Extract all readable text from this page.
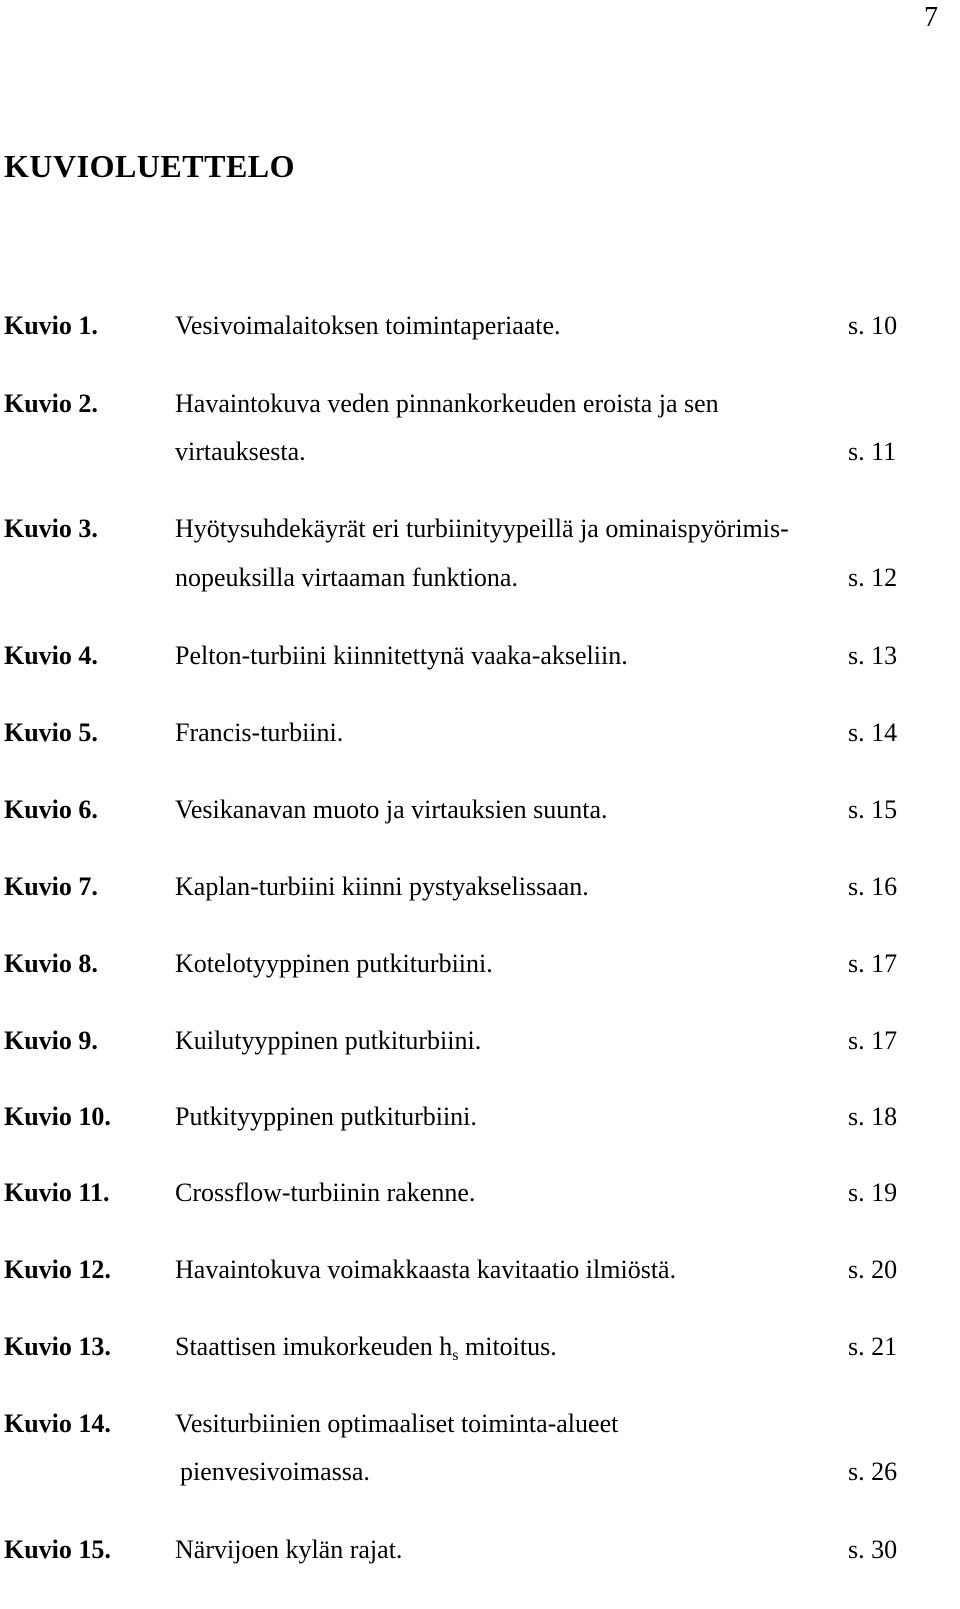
7
KUVIOLUETTELO
Kuvio 1.	Vesivoimalaitoksen toimintaperiaate.	s. 10
Kuvio 2.	Havaintokuva veden pinnankorkeuden eroista ja sen
virtauksesta.	s. 11
Kuvio 3.	Hyötysuhdekäyrät eri turbiinityypeillä ja ominaispyörimis-
nopeuksilla virtaaman funktiona.	s. 12
Kuvio 4.	Pelton-turbiini kiinnitettynä vaaka-akseliin.	s. 13
Kuvio 5.	Francis-turbiini.	s. 14
Kuvio 6.	Vesikanavan muoto ja virtauksien suunta.	s. 15
Kuvio 7.	Kaplan-turbiini kiinni pystyakselissaan.	s. 16
Kuvio 8.	Kotelotyyppinen putkiturbiini.	s. 17
Kuvio 9.	Kuilutyyppinen putkiturbiini.	s. 17
Kuvio 10. Putkityyppinen putkiturbiini.	s. 18
Kuvio 11.	Crossflow-turbiinin rakenne.	s. 19
Kuvio 12. Havaintokuva voimakkaasta kavitaatio ilmiöstä.	s. 20
Kuvio 13. Staattisen imukorkeuden $h_s$ mitoitus.	s. 21
Kuvio 14. Vesiturbiinien optimaaliset toiminta-alueet
pienvesivoimassa.	s. 26
Kuvio 15. Närvijoen kylän rajat.	s. 30
